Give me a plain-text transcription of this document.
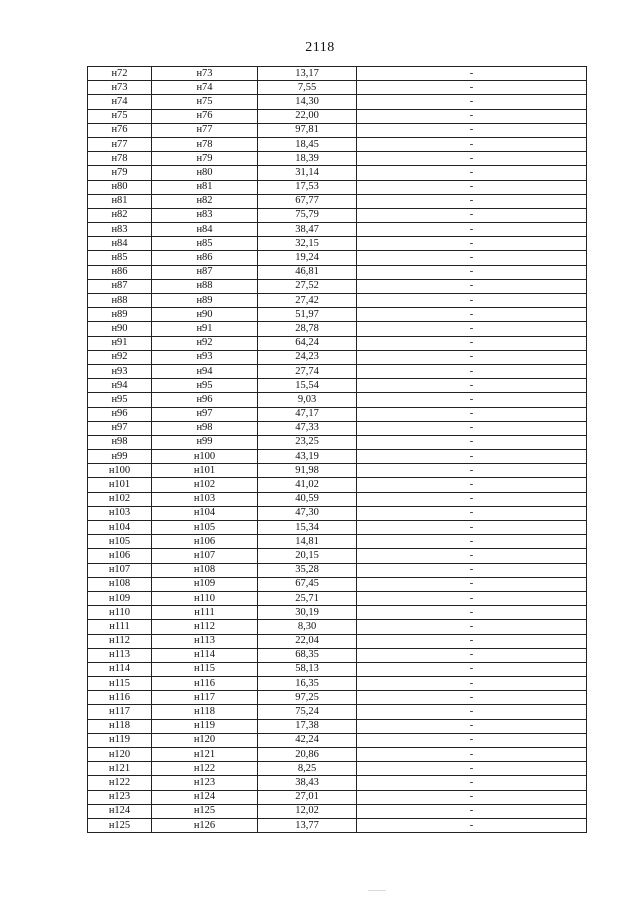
2118
н72	н73	13,17	-
н73	н74	7,55	-
н74	н75	14,30	-
н75	н76	22,00	-
н76	н77	97,81	-
н77	н78	18,45	-
н78	н79	18,39	-
н79	н80	31,14	-
н80	н81	17,53	-
н81	н82	67,77	-
н82	н83	75,79	-
н83	н84	38,47	-
н84	н85	32,15	-
н85	н86	19,24	-
н86	н87	46,81	-
н87	н88	27,52	-
н88	н89	27,42	-
н89	н90	51,97	-
н90	н91	28,78	-
н91	н92	64,24	-
н92	н93	24,23	-
н93	н94	27,74	-
н94	н95	15,54	-
н95	н96	9,03	-
н96	н97	47,17	-
н97	н98	47,33	-
н98	н99	23,25	-
н99	н100	43,19	-
н100	н101	91,98	-
н101	н102	41,02	-
н102	н103	40,59	-
н103	н104	47,30	-
н104	н105	15,34	-
н105	н106	14,81	-
н106	н107	20,15	-
н107	н108	35,28	-
н108	н109	67,45	-
н109	н110	25,71	-
н110	н111	30,19	-
н111	н112	8,30	-
н112	н113	22,04	-
н113	н114	68,35	-
н114	н115	58,13	-
н115	н116	16,35	-
н116	н117	97,25	-
н117	н118	75,24	-
н118	н119	17,38	-
н119	н120	42,24	-
н120	н121	20,86	-
н121	н122	8,25	-
н122	н123	38,43	-
н123	н124	27,01	-
н124	н125	12,02	-
н125	н126	13,77	-
